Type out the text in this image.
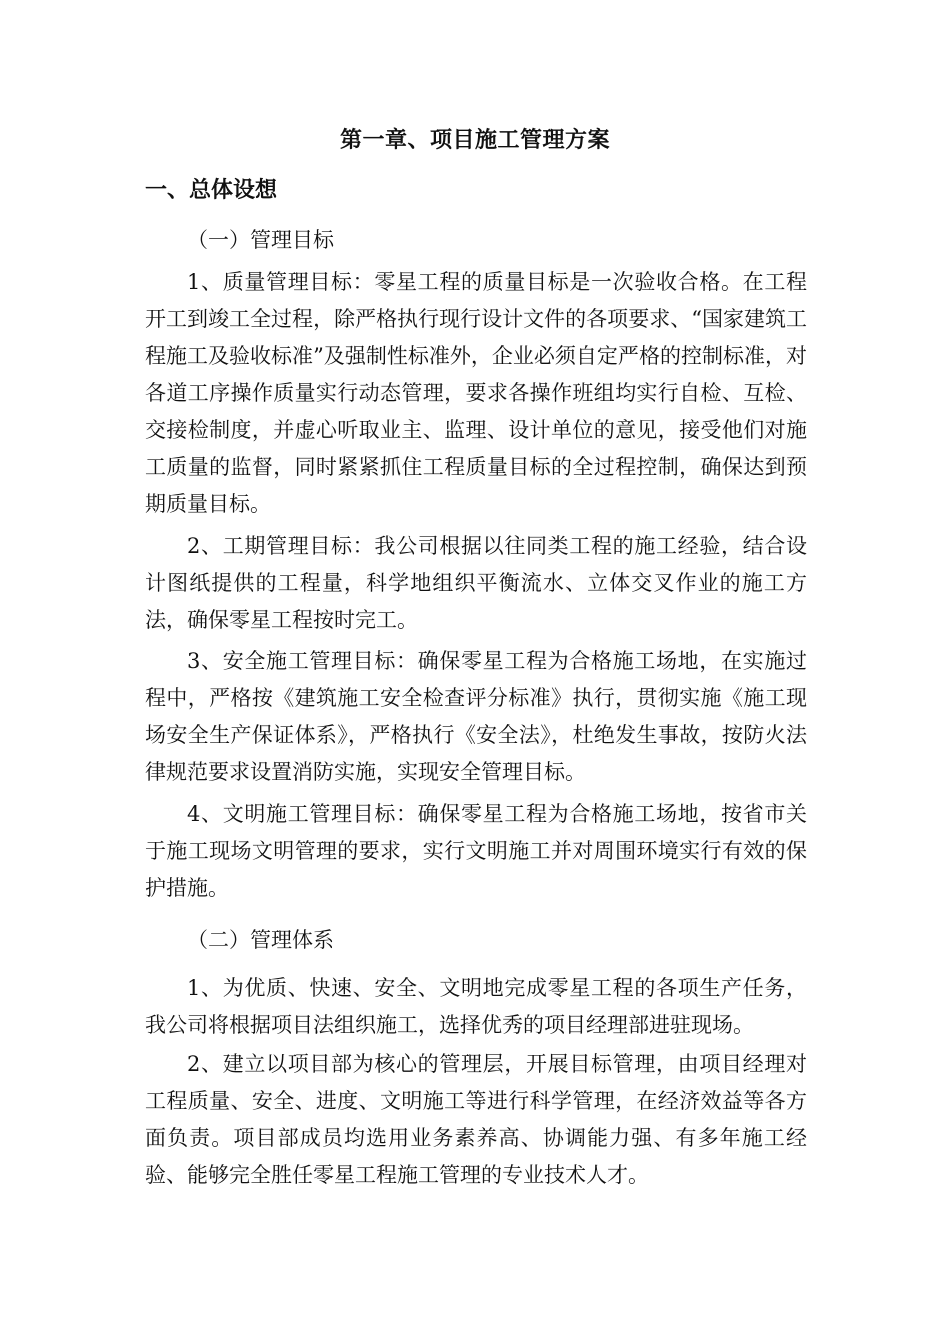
第一章、项目施工管理方案
一、总体设想
（一）管理目标

1、质量管理目标：零星工程的质量目标是一次验收合格。在工程开工到竣工全过程，除严格执行现行设计文件的各项要求、“国家建筑工程施工及验收标准”及强制性标准外，企业必须自定严格的控制标准，对各道工序操作质量实行动态管理，要求各操作班组均实行自检、互检、交接检制度，并虚心听取业主、监理、设计单位的意见，接受他们对施工质量的监督，同时紧紧抓住工程质量目标的全过程控制，确保达到预期质量目标。

2、工期管理目标：我公司根据以往同类工程的施工经验，结合设计图纸提供的工程量，科学地组织平衡流水、立体交叉作业的施工方法，确保零星工程按时完工。

3、安全施工管理目标：确保零星工程为合格施工场地，在实施过程中，严格按《建筑施工安全检查评分标准》执行，贯彻实施《施工现场安全生产保证体系》，严格执行《安全法》，杜绝发生事故，按防火法律规范要求设置消防实施，实现安全管理目标。

4、文明施工管理目标：确保零星工程为合格施工场地，按省市关于施工现场文明管理的要求，实行文明施工并对周围环境实行有效的保护措施。

（二）管理体系

1、为优质、快速、安全、文明地完成零星工程的各项生产任务，我公司将根据项目法组织施工，选择优秀的项目经理部进驻现场。

2、建立以项目部为核心的管理层，开展目标管理，由项目经理对工程质量、安全、进度、文明施工等进行科学管理，在经济效益等各方面负责。项目部成员均选用业务素养高、协调能力强、有多年施工经验、能够完全胜任零星工程施工管理的专业技术人才。
